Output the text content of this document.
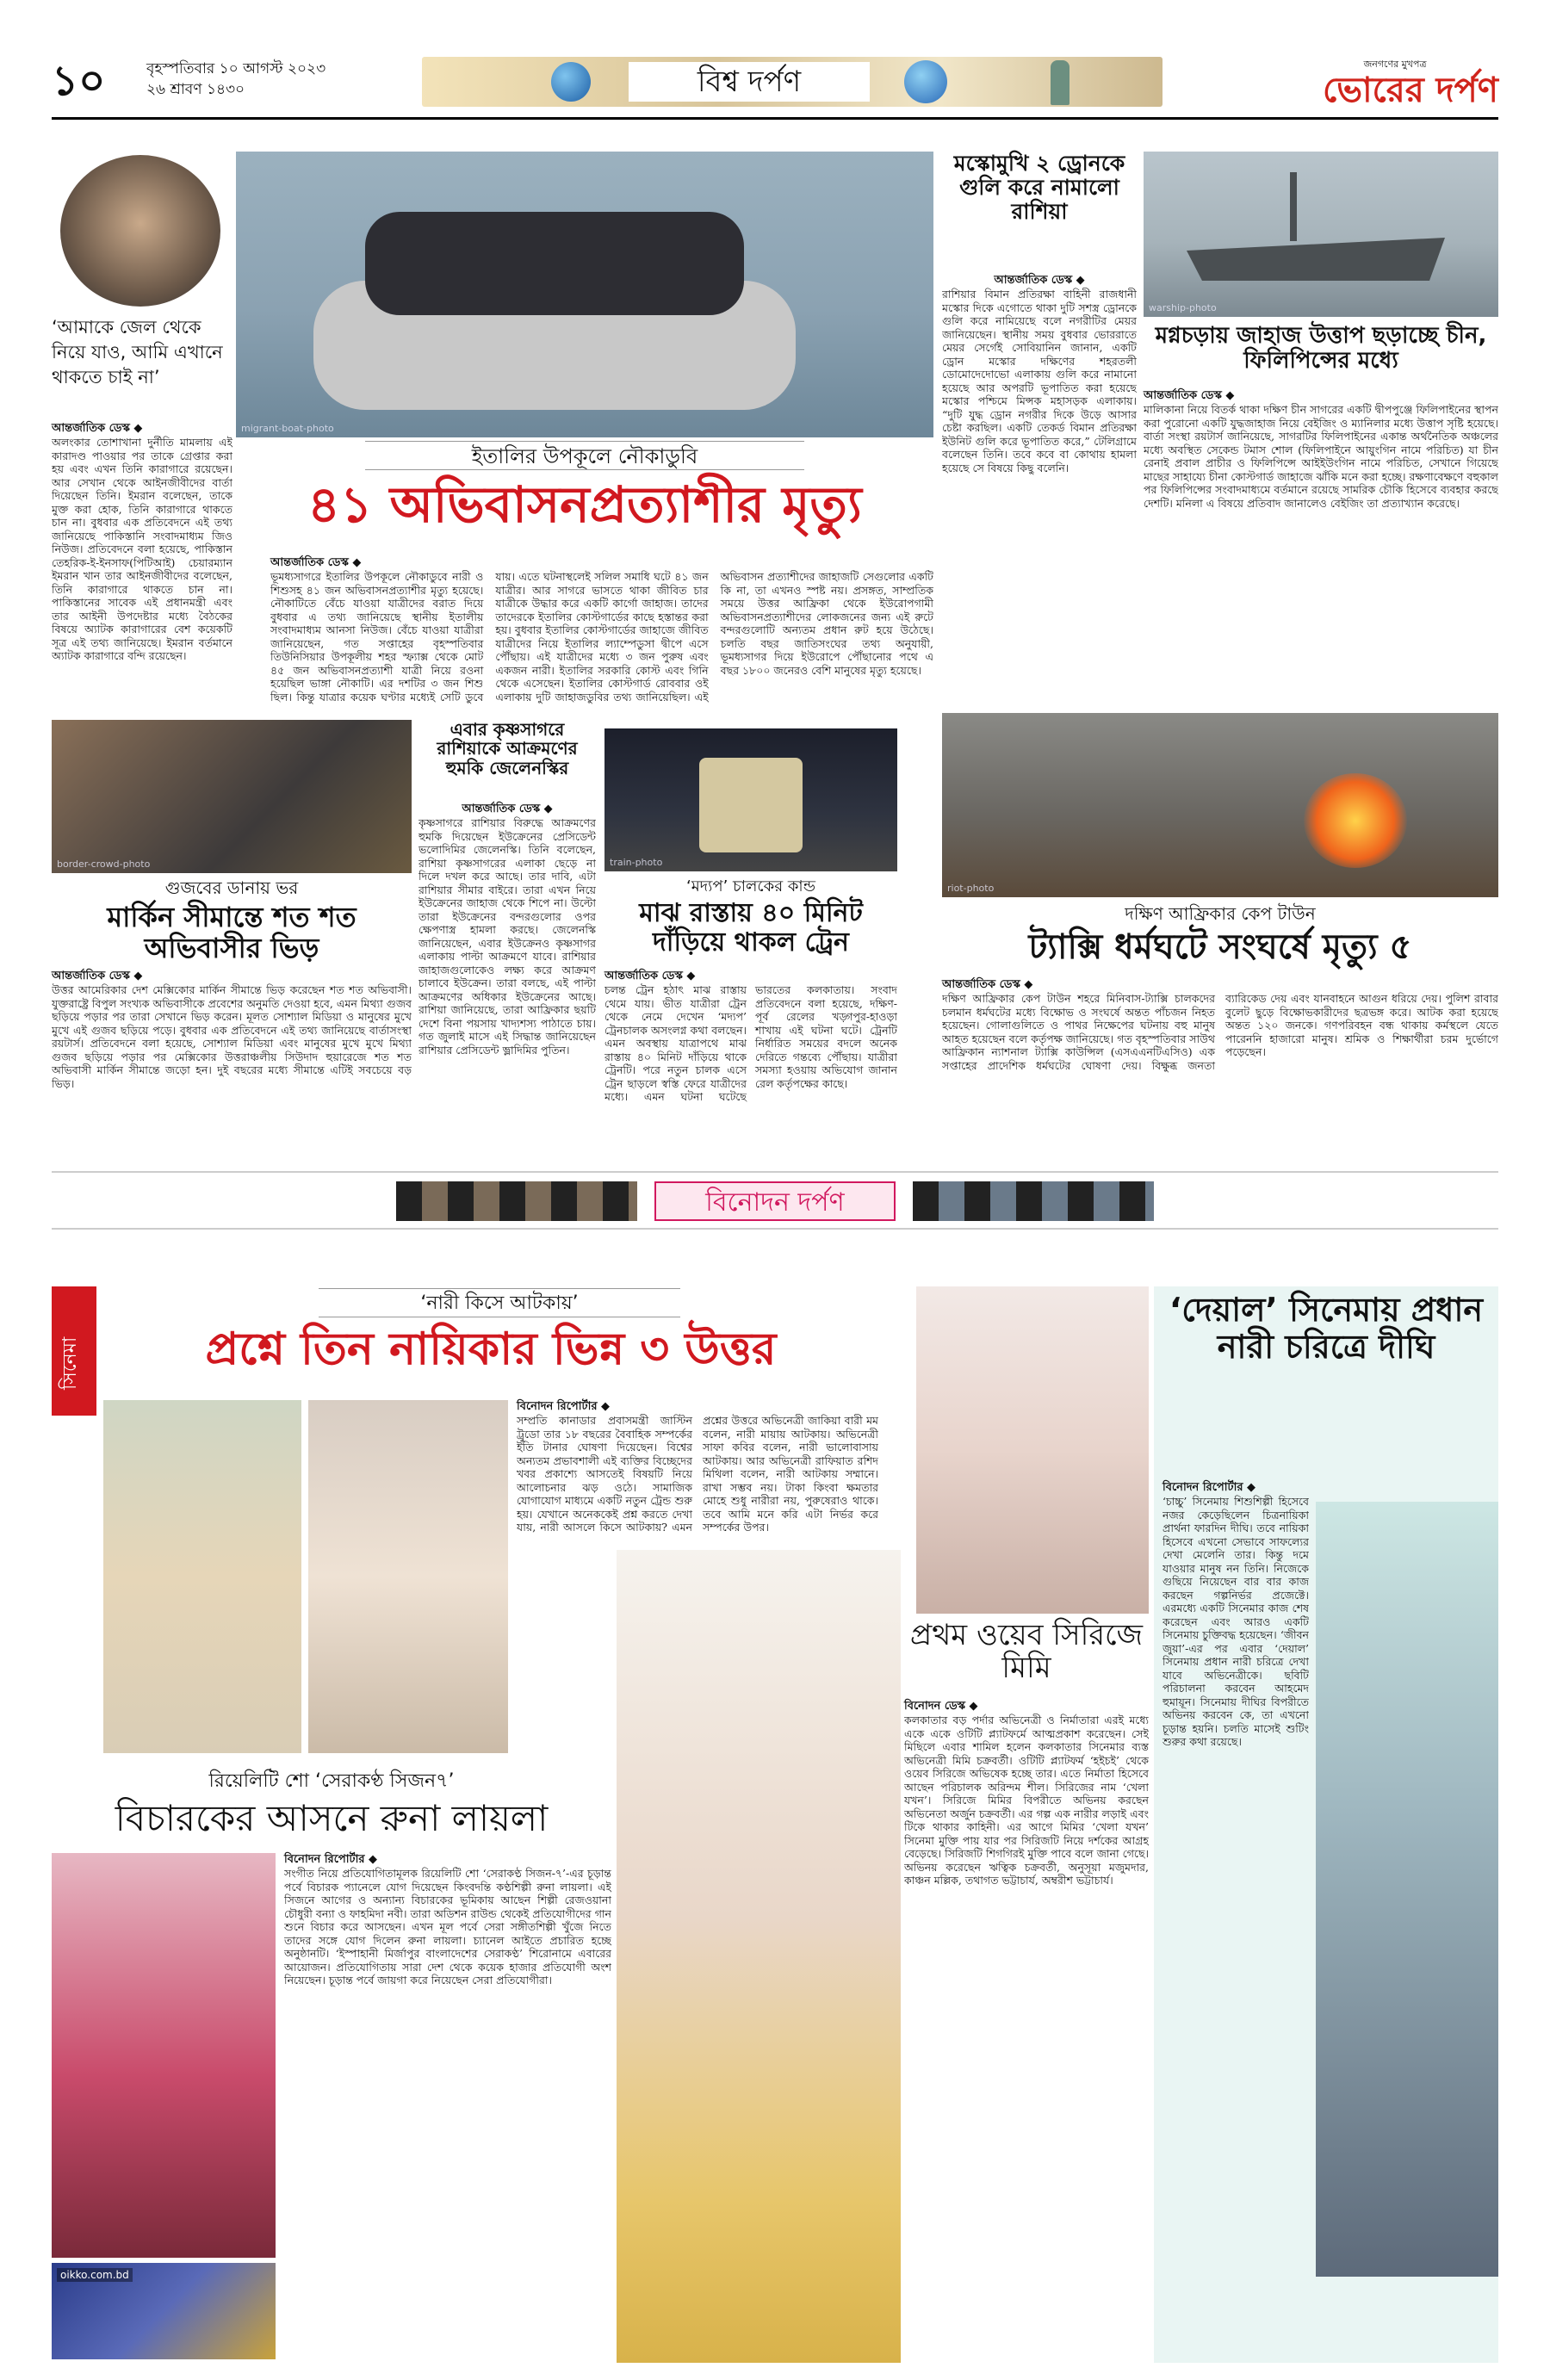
১০	বৃহস্পতিবার ১০ আগস্ট ২০২৩
২৬ শ্রাবণ ১৪৩০	বিশ্ব দর্পণ
জনগণের মুখপত্র
ভোরের দর্পণ
‘আমাকে জেল থেকে নিয়ে যাও, আমি এখানে থাকতে চাই না’
আন্তর্জাতিক ডেস্ক ◆
অলংকার তোশাখানা দুর্নীতি মামলায় এই কারাদণ্ড পাওয়ার পর তাকে গ্রেপ্তার করা হয় এবং এখন তিনি কারাগারে রয়েছেন। আর সেখান থেকে আইনজীবীদের বার্তা দিয়েছেন তিনি। ইমরান বলেছেন, তাকে মুক্ত করা হোক, তিনি কারাগারে থাকতে চান না। বুধবার এক প্রতিবেদনে এই তথ্য জানিয়েছে পাকিস্তানি সংবাদমাধ্যম জিও নিউজ। প্রতিবেদনে বলা হয়েছে, পাকিস্তান তেহরিক-ই-ইনসাফ(পিটিআই) চেয়ারম্যান ইমরান খান তার আইনজীবীদের বলেছেন, তিনি কারাগারে থাকতে চান না। পাকিস্তানের সাবেক এই প্রধানমন্ত্রী এবং তার আইনী উপদেষ্টার মধ্যে বৈঠকের বিষয়ে অ্যাটক কারাগারের বেশ কয়েকটি সূত্র এই তথ্য জানিয়েছে। ইমরান বর্তমানে অ্যাটক কারাগারে বন্দি রয়েছেন।
migrant-boat-photo
ইতালির উপকূলে নৌকাডুবি
৪১ অভিবাসনপ্রত্যাশীর মৃত্যু
আন্তর্জাতিক ডেস্ক ◆
ভূমধ্যসাগরে ইতালির উপকূলে নৌকাডুবে নারী ও শিশুসহ ৪১ জন অভিবাসনপ্রত্যাশীর মৃত্যু হয়েছে। নৌকাটিতে বেঁচে যাওয়া যাত্রীদের বরাত দিয়ে বুধবার এ তথ্য জানিয়েছে স্থানীয় ইতালীয় সংবাদমাধ্যম আনসা নিউজ। বেঁচে যাওয়া যাত্রীরা জানিয়েছেন, গত সপ্তাহের বৃহস্পতিবার তিউনিসিয়ার উপকূলীয় শহর স্ফ্যাক্স থেকে মোট ৪৫ জন অভিবাসনপ্রত্যাশী যাত্রী নিয়ে রওনা হয়েছিল ভাঙ্গা নৌকাটি। এর দশটির ৩ জন শিশু ছিল। কিন্তু যাত্রার কয়েক ঘণ্টার মধ্যেই সেটি ডুবে যায়। এতে ঘটনাস্থলেই সলিল সমাধি ঘটে ৪১ জন যাত্রীর। আর সাগরে ভাসতে থাকা জীবিত চার যাত্রীকে উদ্ধার করে একটি কার্গো জাহাজ। তাদের তাদেরকে ইতালির কোস্টগার্ডের কাছে হস্তান্তর করা হয়। বুধবার ইতালির কোস্টগার্ডের জাহাজে জীবিত যাত্রীদের নিয়ে ইতালির ল্যাম্পেডুসা দ্বীপে এসে পৌঁছায়। এই যাত্রীদের মধ্যে ৩ জন পুরুষ এবং একজন নারী। ইতালির সরকারি কোস্ট এবং গিনি থেকে এসেছেন। ইতালির কোস্টগার্ড রোববার ওই এলাকায় দুটি জাহাজডুবির তথ্য জানিয়েছিল। এই অভিবাসন প্রত্যাশীদের জাহাজটি সেগুলোর একটি কি না, তা এখনও স্পষ্ট নয়। প্রসঙ্গত, সাম্প্রতিক সময়ে উত্তর আফ্রিকা থেকে ইউরোপগামী অভিবাসনপ্রত্যাশীদের লোকজনের জন্য এই রুটে বন্দরগুলোটি অন্যতম প্রধান রুট হয়ে উঠেছে। চলতি বছর জাতিসংঘের তথ্য অনুযায়ী, ভূমধ্যসাগর দিয়ে ইউরোপে পৌঁছানোর পথে এ বছর ১৮০০ জনেরও বেশি মানুষের মৃত্যু হয়েছে।
মস্কোমুখি ২ ড্রোনকে গুলি করে নামালো রাশিয়া
আন্তর্জাতিক ডেস্ক ◆
রাশিয়ার বিমান প্রতিরক্ষা বাহিনী রাজধানী মস্কোর দিকে এগোতে থাকা দুটি সশস্ত্র ড্রোনকে গুলি করে নামিয়েছে বলে নগরীটির মেয়র জানিয়েছেন। স্থানীয় সময় বুধবার ভোররাতে মেয়র সের্গেই সোবিয়ানিন জানান, একটি ড্রোন মস্কোর দক্ষিণের শহরতলী ডোমোদেদোভো এলাকায় গুলি করে নামানো হয়েছে আর অপরটি ভূপাতিত করা হয়েছে মস্কোর পশ্চিমে মিন্সক মহাসড়ক এলাকায়। “দুটি যুদ্ধ ড্রোন নগরীর দিকে উড়ে আসার চেষ্টা করছিল। একটি তেকর্ড বিমান প্রতিরক্ষা ইউনিট গুলি করে ভূপাতিত করে,” টেলিগ্রামে বলেছেন তিনি। তবে কবে বা কোথায় হামলা হয়েছে সে বিষয়ে কিছু বলেনি।
warship-photo
মগ্নচড়ায় জাহাজ উত্তাপ ছড়াচ্ছে চীন, ফিলিপিন্সের মধ্যে
আন্তর্জাতিক ডেস্ক ◆
মালিকানা নিয়ে বিতর্ক থাকা দক্ষিণ চীন সাগরের একটি দ্বীপপুঞ্জে ফিলিপাইনের স্থাপন করা পুরোনো একটি যুদ্ধজাহাজ নিয়ে বেইজিং ও ম্যানিলার মধ্যে উত্তাপ সৃষ্টি হয়েছে। বার্তা সংস্থা রয়টার্স জানিয়েছে, সাগরটির ফিলিপাইনের একান্ত অর্থনৈতিক অঞ্চলের মধ্যে অবস্থিত সেকেন্ড টমাস শোল (ফিলিপাইনে আয়ুংগিন নামে পরিচিত) যা চীন রেনাই প্রবাল প্রাচীর ও ফিলিপিন্সে আইইউংগিন নামে পরিচিত, সেখানে গিয়েছে মাছের সাহায্যে চীনা কোস্টগার্ড জাহাজে ঝাঁকি মনে করা হচ্ছে। রক্ষণাবেক্ষণে বহুকাল পর ফিলিপিন্সের সংবাদমাধ্যমে বর্তমানে রয়েছে সামরিক চৌকি হিসেবে ব্যবহার করছে দেশটি। মনিলা এ বিষয়ে প্রতিবাদ জানালেও বেইজিং তা প্রত্যাখ্যান করেছে।
border-crowd-photo
গুজবের ডানায় ভর
মার্কিন সীমান্তে শত শত অভিবাসীর ভিড়
এবার কৃষ্ণসাগরে রাশিয়াকে আক্রমণের হুমকি জেলেনস্কির
আন্তর্জাতিক ডেস্ক ◆
কৃষ্ণসাগরে রাশিয়ার বিরুদ্ধে আক্রমণের হুমকি দিয়েছেন ইউক্রেনের প্রেসিডেন্ট ভলোদিমির জেলেনস্কি। তিনি বলেছেন, রাশিয়া কৃষ্ণসাগরের এলাকা ছেড়ে না দিলে দখল করে আছে। তার দাবি, এটা রাশিয়ার সীমার বাইরে। তারা এখন নিয়ে ইউক্রেনের জাহাজ থেকে শিপে না। উল্টো তারা ইউক্রেনের বন্দরগুলোর ওপর ক্ষেপণাস্ত্র হামলা করছে। জেলেনস্কি জানিয়েছেন, এবার ইউক্রেনও কৃষ্ণসাগর এলাকায় পাল্টা আক্রমণে যাবে। রাশিয়ার জাহাজগুলোকেও লক্ষ্য করে আক্রমণ চালাবে ইউক্রেন। তারা বলছে, এই পাল্টা আক্রমণের অধিকার ইউক্রেনের আছে। রাশিয়া জানিয়েছে, তারা আফ্রিকার ছয়টি দেশে বিনা পয়সায় খাদ্যশস্য পাঠাতে চায়। গত জুলাই মাসে এই সিদ্ধান্ত জানিয়েছেন রাশিয়ার প্রেসিডেন্ট ভ্লাদিমির পুতিন।
train-photo
‘মদ্যপ’ চালকের কান্ড
মাঝ রাস্তায় ৪০ মিনিট দাঁড়িয়ে থাকল ট্রেন
আন্তর্জাতিক ডেস্ক ◆
চলন্ত ট্রেন হঠাৎ মাঝ রাস্তায় থেমে যায়। ভীত যাত্রীরা ট্রেন থেকে নেমে দেখেন ‘মদ্যপ’ ট্রেনচালক অসংলগ্ন কথা বলছেন। এমন অবস্থায় যাত্রাপথে মাঝ রাস্তায় ৪০ মিনিট দাঁড়িয়ে থাকে ট্রেনটি। পরে নতুন চালক এসে ট্রেন ছাড়লে স্বস্তি ফেরে যাত্রীদের মধ্যে। এমন ঘটনা ঘটেছে ভারতের কলকাতায়। সংবাদ প্রতিবেদনে বলা হয়েছে, দক্ষিণ-পূর্ব রেলের খড়্গপুর-হাওড়া শাখায় এই ঘটনা ঘটে। ট্রেনটি নির্ধারিত সময়ের বদলে অনেক দেরিতে গন্তব্যে পৌঁছায়। যাত্রীরা সমস্যা হওয়ায় অভিযোগ জানান রেল কর্তৃপক্ষের কাছে।
আন্তর্জাতিক ডেস্ক ◆
উত্তর আমেরিকার দেশ মেক্সিকোর মার্কিন সীমান্তে ভিড় করেছেন শত শত অভিবাসী। যুক্তরাষ্ট্রে বিপুল সংখ্যক অভিবাসীকে প্রবেশের অনুমতি দেওয়া হবে, এমন মিথ্যা গুজব ছড়িয়ে পড়ার পর তারা সেখানে ভিড় করেন। মূলত সোশ্যাল মিডিয়া ও মানুষের মুখে মুখে এই গুজব ছড়িয়ে পড়ে। বুধবার এক প্রতিবেদনে এই তথ্য জানিয়েছে বার্তাসংস্থা রয়টার্স। প্রতিবেদনে বলা হয়েছে, সোশ্যাল মিডিয়া এবং মানুষের মুখে মুখে মিথ্যা গুজব ছড়িয়ে পড়ার পর মেক্সিকোর উত্তরাঞ্চলীয় সিউদাদ হুয়ারেজে শত শত অভিবাসী মার্কিন সীমান্তে জড়ো হন। দুই বছরের মধ্যে সীমান্তে এটিই সবচেয়ে বড় ভিড়।
riot-photo
দক্ষিণ আফ্রিকার কেপ টাউন
ট্যাক্সি ধর্মঘটে সংঘর্ষে মৃত্যু ৫
আন্তর্জাতিক ডেস্ক ◆
দক্ষিণ আফ্রিকার কেপ টাউন শহরে মিনিবাস-ট্যাক্সি চালকদের চলমান ধর্মঘটের মধ্যে বিক্ষোভ ও সংঘর্ষে অন্তত পাঁচজন নিহত হয়েছেন। গোলাগুলিতে ও পাথর নিক্ষেপের ঘটনায় বহু মানুষ আহত হয়েছেন বলে কর্তৃপক্ষ জানিয়েছে। গত বৃহস্পতিবার সাউথ আফ্রিকান ন্যাশনাল ট্যাক্সি কাউন্সিল (এসএএনটিএসিও) এক সপ্তাহের প্রাদেশিক ধর্মঘটের ঘোষণা দেয়। বিক্ষুব্ধ জনতা ব্যারিকেড দেয় এবং যানবাহনে আগুন ধরিয়ে দেয়। পুলিশ রাবার বুলেট ছুড়ে বিক্ষোভকারীদের ছত্রভঙ্গ করে। আটক করা হয়েছে অন্তত ১২০ জনকে। গণপরিবহন বন্ধ থাকায় কর্মস্থলে যেতে পারেননি হাজারো মানুষ। শ্রমিক ও শিক্ষার্থীরা চরম দুর্ভোগে পড়েছেন।
বিনোদন দর্পণ
সিনেমা
‘নারী কিসে আটকায়’
প্রশ্নে তিন নায়িকার ভিন্ন ৩ উত্তর
বিনোদন রিপোর্টার ◆
সম্প্রতি কানাডার প্রবাসমন্ত্রী জাস্টিন ট্রুডো তার ১৮ বছরের বৈবাহিক সম্পর্কের ইতি টানার ঘোষণা দিয়েছেন। বিশ্বের অন্যতম প্রভাবশালী এই ব্যক্তির বিচ্ছেদের খবর প্রকাশ্যে আসতেই বিষয়টি নিয়ে আলোচনার ঝড় ওঠে। সামাজিক যোগাযোগ মাধ্যমে একটি নতুন ট্রেন্ড শুরু হয়। যেখানে অনেককেই প্রশ্ন করতে দেখা যায়, নারী আসলে কিসে আটকায়? এমন প্রশ্নের উত্তরে অভিনেত্রী জাকিয়া বারী মম বলেন, নারী মায়ায় আটকায়। অভিনেত্রী সাফা কবির বলেন, নারী ভালোবাসায় আটকায়। আর অভিনেত্রী রাফিয়াত রশিদ মিথিলা বলেন, নারী আটকায় সম্মানে। রাখা সম্ভব নয়। টাকা কিংবা ক্ষমতার মোহে শুধু নারীরা নয়, পুরুষেরাও থাকে। তবে আমি মনে করি এটা নির্ভর করে সম্পর্কের উপর।
‘দেয়াল’ সিনেমায় প্রধান নারী চরিত্রে দীঘি
বিনোদন রিপোর্টার ◆
‘চাচ্চু’ সিনেমায় শিশুশিল্পী হিসেবে নজর কেড়েছিলেন চিত্রনায়িকা প্রার্থনা ফারদিন দীঘি। তবে নায়িকা হিসেবে এখনো সেভাবে সাফল্যের দেখা মেলেনি তার। কিন্তু দমে যাওয়ার মানুষ নন তিনি। নিজেকে গুছিয়ে নিয়েছেন বার বার কাজ করছেন গল্পনির্ভর প্রজেক্টে। এরমধ্যে একটি সিনেমার কাজ শেষ করেছেন এবং আরও একটি সিনেমায় চুক্তিবদ্ধ হয়েছেন। ‘জীবন জুয়া’-এর পর এবার ‘দেয়াল’ সিনেমায় প্রধান নারী চরিত্রে দেখা যাবে অভিনেত্রীকে। ছবিটি পরিচালনা করবেন আহমেদ হুমায়ূন। সিনেমায় দীঘির বিপরীতে অভিনয় করবেন কে, তা এখনো চূড়ান্ত হয়নি। চলতি মাসেই শুটিং শুরুর কথা রয়েছে।
রিয়েলিটি শো ‘সেরাকণ্ঠ সিজন৭’
বিচারকের আসনে রুনা লায়লা
বিনোদন রিপোর্টার ◆
সংগীত নিয়ে প্রতিযোগিতামূলক রিয়েলিটি শো ‘সেরাকণ্ঠ সিজন-৭’-এর চূড়ান্ত পর্বে বিচারক প্যানেলে যোগ দিয়েছেন কিংবদন্তি কণ্ঠশিল্পী রুনা লায়লা। এই সিজনে আগের ও অন্যান্য বিচারকের ভূমিকায় আছেন শিল্পী রেজওয়ানা চৌধুরী বন্যা ও ফাহমিদা নবী। তারা অডিশন রাউন্ড থেকেই প্রতিযোগীদের গান শুনে বিচার করে আসছেন। এখন মূল পর্বে সেরা সঙ্গীতশিল্পী খুঁজে নিতে তাদের সঙ্গে যোগ দিলেন রুনা লায়লা। চ্যানেল আইতে প্রচারিত হচ্ছে অনুষ্ঠানটি। ‘ইস্পাহানী মির্জাপুর বাংলাদেশের সেরাকণ্ঠ’ শিরোনামে এবারের আয়োজন। প্রতিযোগিতায় সারা দেশ থেকে কয়েক হাজার প্রতিযোগী অংশ নিয়েছেন। চূড়ান্ত পর্বে জায়গা করে নিয়েছেন সেরা প্রতিযোগীরা।
oikko.com.bd
প্রথম ওয়েব সিরিজে মিমি
বিনোদন ডেস্ক ◆
কলকাতার বড় পর্দার অভিনেত্রী ও নির্মাতারা এরই মধ্যে একে একে ওটিটি প্ল্যাটফর্মে আত্মপ্রকাশ করেছেন। সেই মিছিলে এবার শামিল হলেন কলকাতার সিনেমার ব্যস্ত অভিনেত্রী মিমি চক্রবর্তী। ওটিটি প্ল্যাটফর্ম ‘হইচই’ থেকে ওয়েব সিরিজে অভিষেক হচ্ছে তার। এতে নির্মাতা হিসেবে আছেন পরিচালক অরিন্দম শীল। সিরিজের নাম ‘খেলা যখন’। সিরিজে মিমির বিপরীতে অভিনয় করছেন অভিনেতা অর্জুন চক্রবর্তী। এর গল্প এক নারীর লড়াই এবং টিকে থাকার কাহিনী। এর আগে মিমির ‘খেলা যখন’ সিনেমা মুক্তি পায় যার পর সিরিজটি নিয়ে দর্শকের আগ্রহ বেড়েছে। সিরিজটি শিগগিরই মুক্তি পাবে বলে জানা গেছে। অভিনয় করেছেন ঋত্বিক চক্রবর্তী, অনুসূয়া মজুমদার, কাঞ্চন মল্লিক, তথাগত ভট্টাচার্য, অম্বরীশ ভট্টাচার্য।
